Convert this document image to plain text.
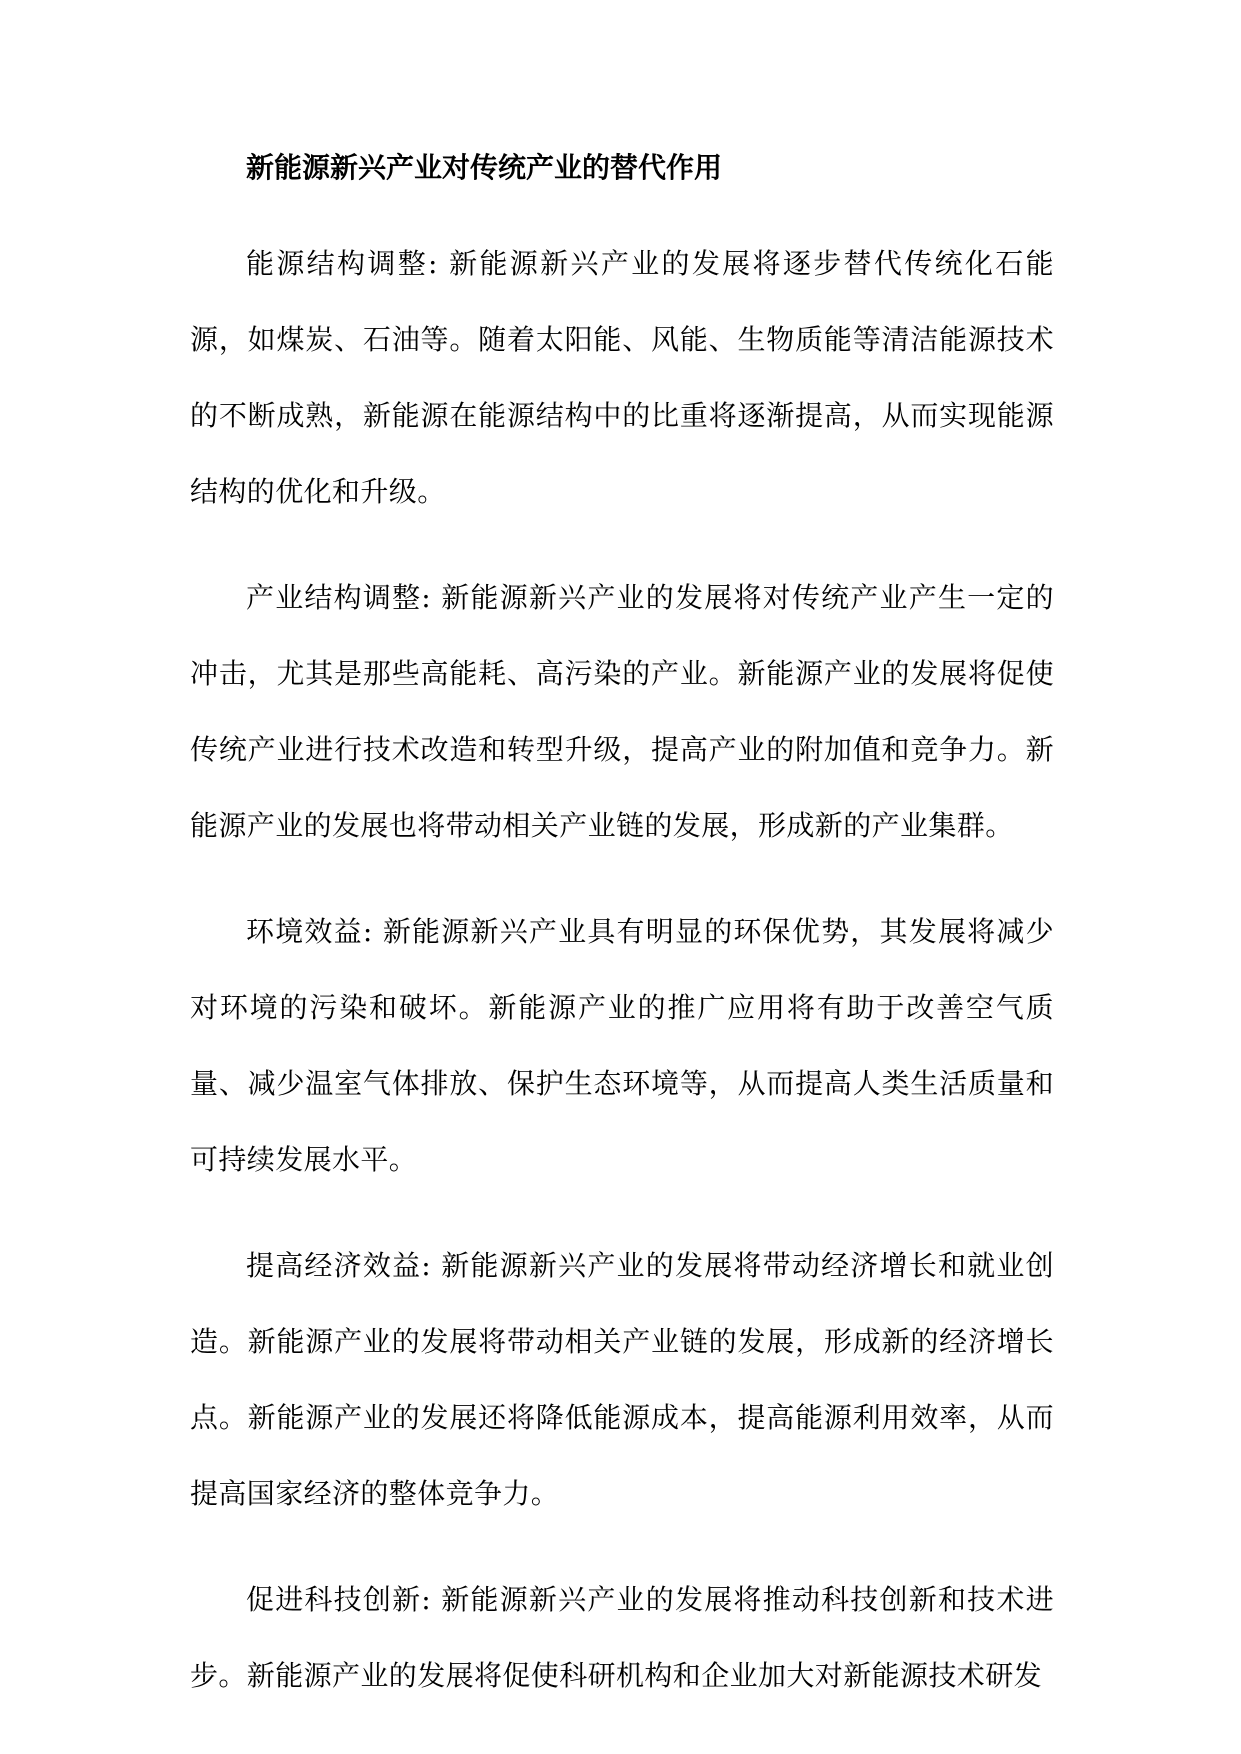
新能源新兴产业对传统产业的替代作用

能源结构调整: 新能源新兴产业的发展将逐步替代传统化石能源，如煤炭、石油等。随着太阳能、风能、生物质能等清洁能源技术的不断成熟，新能源在能源结构中的比重将逐渐提高，从而实现能源结构的优化和升级。

产业结构调整: 新能源新兴产业的发展将对传统产业产生一定的冲击，尤其是那些高能耗、高污染的产业。新能源产业的发展将促使传统产业进行技术改造和转型升级，提高产业的附加值和竞争力。新能源产业的发展也将带动相关产业链的发展，形成新的产业集群。

环境效益: 新能源新兴产业具有明显的环保优势，其发展将减少对环境的污染和破坏。新能源产业的推广应用将有助于改善空气质量、减少温室气体排放、保护生态环境等，从而提高人类生活质量和可持续发展水平。

提高经济效益: 新能源新兴产业的发展将带动经济增长和就业创造。新能源产业的发展将带动相关产业链的发展，形成新的经济增长点。新能源产业的发展还将降低能源成本，提高能源利用效率，从而提高国家经济的整体竞争力。

促进科技创新: 新能源新兴产业的发展将推动科技创新和技术进步。新能源产业的发展将促使科研机构和企业加大对新能源技术研发
